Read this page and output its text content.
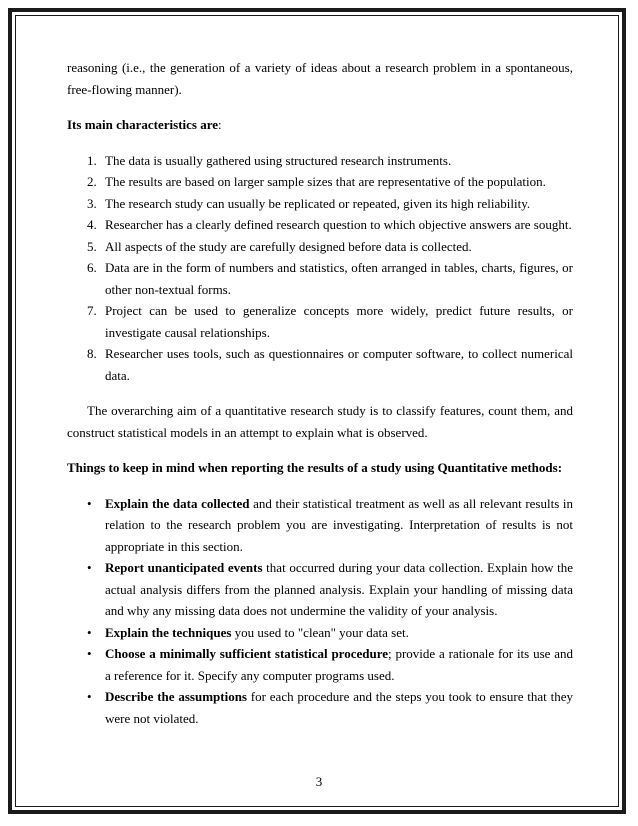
reasoning (i.e., the generation of a variety of ideas about a research problem in a spontaneous, free-flowing manner).

Its main characteristics are:

1. The data is usually gathered using structured research instruments.
2. The results are based on larger sample sizes that are representative of the population.
3. The research study can usually be replicated or repeated, given its high reliability.
4. Researcher has a clearly defined research question to which objective answers are sought.
5. All aspects of the study are carefully designed before data is collected.
6. Data are in the form of numbers and statistics, often arranged in tables, charts, figures, or other non-textual forms.
7. Project can be used to generalize concepts more widely, predict future results, or investigate causal relationships.
8. Researcher uses tools, such as questionnaires or computer software, to collect numerical data.

The overarching aim of a quantitative research study is to classify features, count them, and construct statistical models in an attempt to explain what is observed.

Things to keep in mind when reporting the results of a study using Quantitative methods:

• Explain the data collected and their statistical treatment as well as all relevant results in relation to the research problem you are investigating. Interpretation of results is not appropriate in this section.
• Report unanticipated events that occurred during your data collection. Explain how the actual analysis differs from the planned analysis. Explain your handling of missing data and why any missing data does not undermine the validity of your analysis.
• Explain the techniques you used to "clean" your data set.
• Choose a minimally sufficient statistical procedure; provide a rationale for its use and a reference for it. Specify any computer programs used.
• Describe the assumptions for each procedure and the steps you took to ensure that they were not violated.
3
